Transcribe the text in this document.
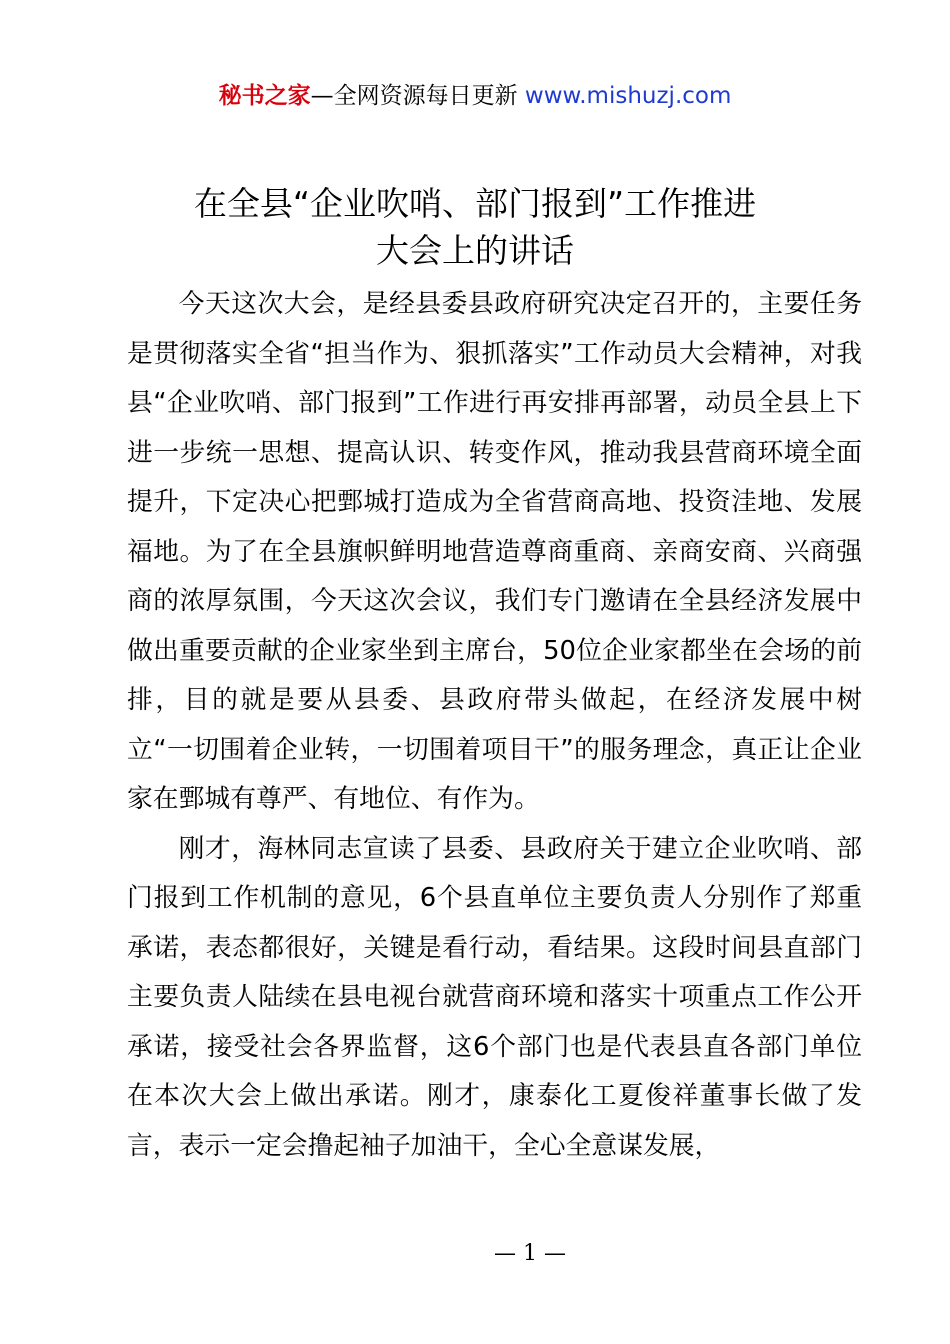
秘书之家—全网资源每日更新 www.mishuzj.com
在全县“企业吹哨、部门报到”工作推进
大会上的讲话

今天这次大会，是经县委县政府研究决定召开的，主要任务是贯彻落实全省“担当作为、狠抓落实”工作动员大会精神，对我县“企业吹哨、部门报到”工作进行再安排再部署，动员全县上下进一步统一思想、提高认识、转变作风，推动我县营商环境全面提升，下定决心把鄄城打造成为全省营商高地、投资洼地、发展福地。为了在全县旗帜鲜明地营造尊商重商、亲商安商、兴商强商的浓厚氛围，今天这次会议，我们专门邀请在全县经济发展中做出重要贡献的企业家坐到主席台，50位企业家都坐在会场的前排，目的就是要从县委、县政府带头做起，在经济发展中树立“一切围着企业转，一切围着项目干”的服务理念，真正让企业家在鄄城有尊严、有地位、有作为。

刚才，海林同志宣读了县委、县政府关于建立企业吹哨、部门报到工作机制的意见，6个县直单位主要负责人分别作了郑重承诺，表态都很好，关键是看行动，看结果。这段时间县直部门主要负责人陆续在县电视台就营商环境和落实十项重点工作公开承诺，接受社会各界监督，这6个部门也是代表县直各部门单位在本次大会上做出承诺。刚才，康泰化工夏俊祥董事长做了发言，表示一定会撸起袖子加油干，全心全意谋发展，

— 1 —
